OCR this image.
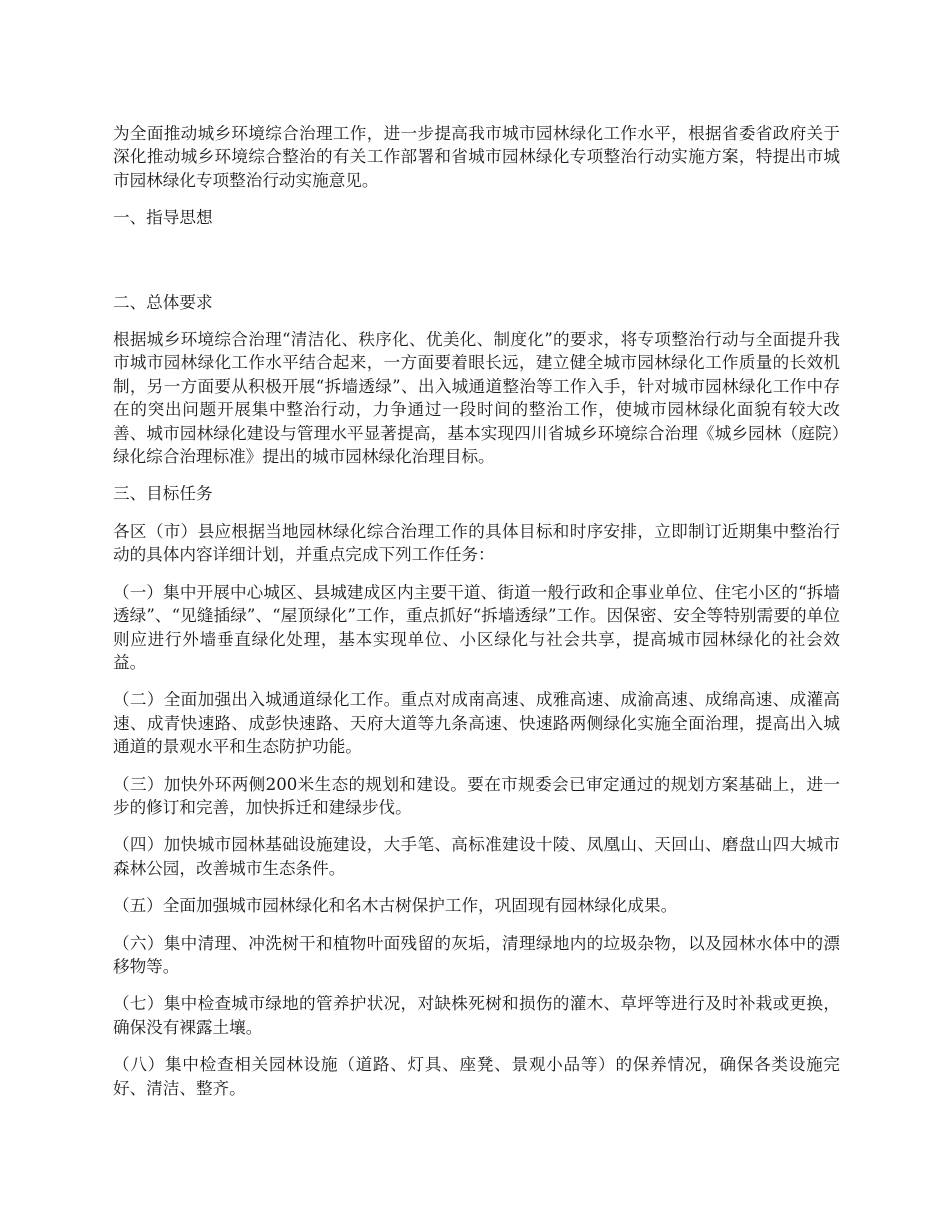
为全面推动城乡环境综合治理工作，进一步提高我市城市园林绿化工作水平，根据省委省政府关于深化推动城乡环境综合整治的有关工作部署和省城市园林绿化专项整治行动实施方案，特提出市城市园林绿化专项整治行动实施意见。

一、指导思想

二、总体要求

根据城乡环境综合治理“清洁化、秩序化、优美化、制度化”的要求，将专项整治行动与全面提升我市城市园林绿化工作水平结合起来，一方面要着眼长远，建立健全城市园林绿化工作质量的长效机制，另一方面要从积极开展“拆墙透绿”、出入城通道整治等工作入手，针对城市园林绿化工作中存在的突出问题开展集中整治行动，力争通过一段时间的整治工作，使城市园林绿化面貌有较大改善、城市园林绿化建设与管理水平显著提高，基本实现四川省城乡环境综合治理《城乡园林（庭院）绿化综合治理标准》提出的城市园林绿化治理目标。

三、目标任务

各区（市）县应根据当地园林绿化综合治理工作的具体目标和时序安排，立即制订近期集中整治行动的具体内容详细计划，并重点完成下列工作任务：

（一）集中开展中心城区、县城建成区内主要干道、街道一般行政和企事业单位、住宅小区的“拆墙透绿”、“见缝插绿”、“屋顶绿化”工作，重点抓好“拆墙透绿”工作。因保密、安全等特别需要的单位则应进行外墙垂直绿化处理，基本实现单位、小区绿化与社会共享，提高城市园林绿化的社会效益。

（二）全面加强出入城通道绿化工作。重点对成南高速、成雅高速、成渝高速、成绵高速、成灌高速、成青快速路、成彭快速路、天府大道等九条高速、快速路两侧绿化实施全面治理，提高出入城通道的景观水平和生态防护功能。

（三）加快外环两侧200米生态的规划和建设。要在市规委会已审定通过的规划方案基础上，进一步的修订和完善，加快拆迁和建绿步伐。

（四）加快城市园林基础设施建设，大手笔、高标准建设十陵、凤凰山、天回山、磨盘山四大城市森林公园，改善城市生态条件。

（五）全面加强城市园林绿化和名木古树保护工作，巩固现有园林绿化成果。

（六）集中清理、冲洗树干和植物叶面残留的灰垢，清理绿地内的垃圾杂物，以及园林水体中的漂移物等。

（七）集中检查城市绿地的管养护状况，对缺株死树和损伤的灌木、草坪等进行及时补栽或更换，确保没有裸露土壤。

（八）集中检查相关园林设施（道路、灯具、座凳、景观小品等）的保养情况，确保各类设施完好、清洁、整齐。
